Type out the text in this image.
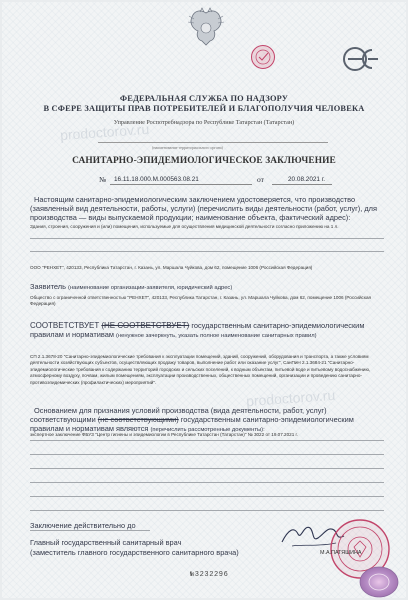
prodoctorov.ru
prodoctorov.ru

ФЕДЕРАЛЬНАЯ СЛУЖБА ПО НАДЗОРУ

В СФЕРЕ ЗАЩИТЫ ПРАВ ПОТРЕБИТЕЛЕЙ И БЛАГОПОЛУЧИЯ ЧЕЛОВЕКА

Управление Роспотребнадзора по Республике Татарстан (Татарстан)

(наименование территориального органа)

САНИТАРНО-ЭПИДЕМИОЛОГИЧЕСКОЕ ЗАКЛЮЧЕНИЕ
№ 16.11.18.000.М.000563.08.21	от	20.08.2021 г.

Настоящим санитарно-эпидемиологическим заключением удостоверяется, что производство (заявленный вид деятельности, работы, услуги) (перечислить виды деятельности (работ, услуг), для производства — виды выпускаемой продукции; наименование объекта, фактический адрес):

Здания, строения, сооружения и (или) помещения, используемые для осуществления медицинской деятельности согласно приложению на 1 л.

ООО "РЕНХЕТ", 420133, Республика Татарстан, г. Казань, ул. Маршала Чуйкова, дом 62, помещение 1006 (Российская Федерация)

Заявитель (наименование организации-заявителя, юридический адрес)

Общество с ограниченной ответственностью "РЕНХЕТ", 420133, Республика Татарстан, г. Казань, ул. Маршала Чуйкова, дом 62, помещение 1006 (Российская Федерация)

СООТВЕТСТВУЕТ (НЕ СООТВЕТСТВУЕТ) государственным санитарно-эпидемиологическим правилам и нормативам (ненужное зачеркнуть, указать полное наименование санитарных правил)

СП 2.1.3678-20 "Санитарно-эпидемиологические требования к эксплуатации помещений, зданий, сооружений, оборудования и транспорта, а также условиям деятельности хозяйствующих субъектов, осуществляющих продажу товаров, выполнение работ или оказание услуг", СанПиН 2.1.3684-21 "Санитарно-эпидемиологические требования к содержанию территорий городских и сельских поселений, к водным объектам, питьевой воде и питьевому водоснабжению, атмосферному воздуху, почвам, жилым помещениям, эксплуатации производственных, общественных помещений, организации и проведению санитарно-противоэпидемических (профилактических) мероприятий".

Основанием для признания условий производства (вида деятельности, работ, услуг) соответствующими (не соответствующими) государственным санитарно-эпидемиологическим правилам и нормативам являются (перечислить рассмотренные документы):

экспертное заключение ФБУЗ "Центр гигиены и эпидемиологии в Республике Татарстан (Татарстан)" № 3022 от 19.07.2021 г.

Заключение действительно до

Главный государственный санитарный врач

(заместитель главного государственного санитарного врача)	М.А.ПАТЯШИНА

№3232296
